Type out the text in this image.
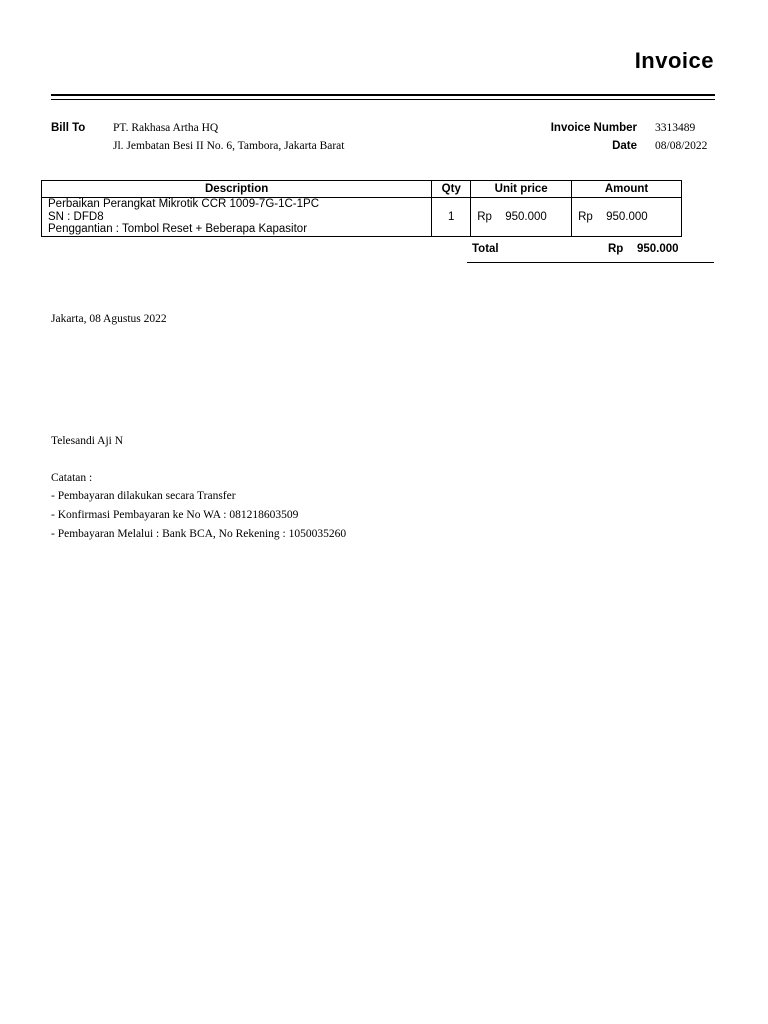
Invoice
Bill To PT. Rakhasa Artha HQ
Jl. Jembatan Besi II No. 6, Tambora, Jakarta Barat
Invoice Number 3313489
Date 08/08/2022
Description	Qty	Unit price	Amount

Perbaikan Perangkat Mikrotik CCR 1009-7G-1C-1PC
SN : DFD8
Penggantian : Tombol Reset + Beberapa Kapasitor	1	Rp 950.000	Rp 950.000
Total	Rp 950.000
Jakarta, 08 Agustus 2022
Telesandi Aji N
Catatan :
- Pembayaran dilakukan secara Transfer
- Konfirmasi Pembayaran ke No WA : 081218603509
- Pembayaran Melalui : Bank BCA, No Rekening : 1050035260
